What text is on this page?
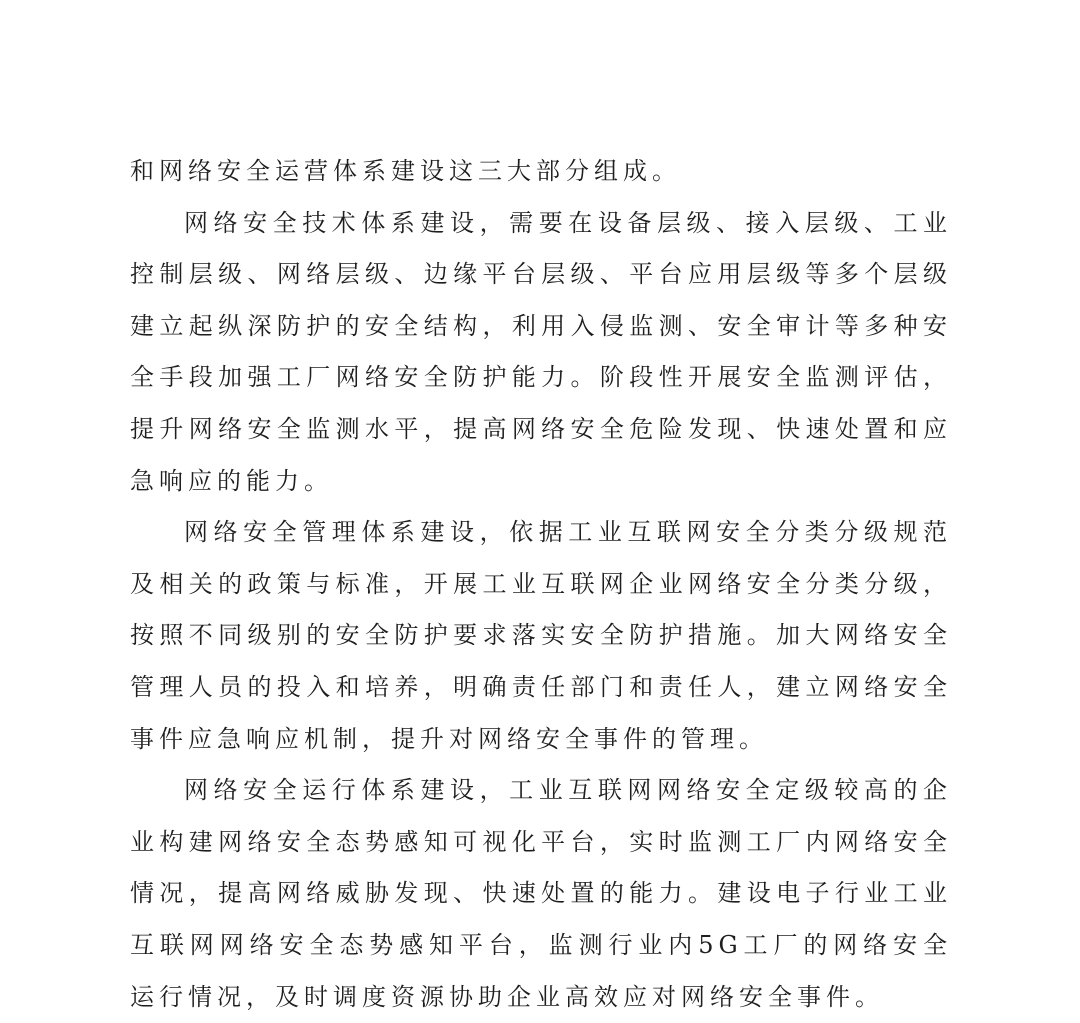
和网络安全运营体系建设这三大部分组成。

网络安全技术体系建设，需要在设备层级、接入层级、工业控制层级、网络层级、边缘平台层级、平台应用层级等多个层级建立起纵深防护的安全结构，利用入侵监测、安全审计等多种安全手段加强工厂网络安全防护能力。阶段性开展安全监测评估，提升网络安全监测水平，提高网络安全危险发现、快速处置和应急响应的能力。

网络安全管理体系建设，依据工业互联网安全分类分级规范及相关的政策与标准，开展工业互联网企业网络安全分类分级，按照不同级别的安全防护要求落实安全防护措施。加大网络安全管理人员的投入和培养，明确责任部门和责任人，建立网络安全事件应急响应机制，提升对网络安全事件的管理。

网络安全运行体系建设，工业互联网网络安全定级较高的企业构建网络安全态势感知可视化平台，实时监测工厂内网络安全情况，提高网络威胁发现、快速处置的能力。建设电子行业工业互联网网络安全态势感知平台，监测行业内5G工厂的网络安全运行情况，及时调度资源协助企业高效应对网络安全事件。
